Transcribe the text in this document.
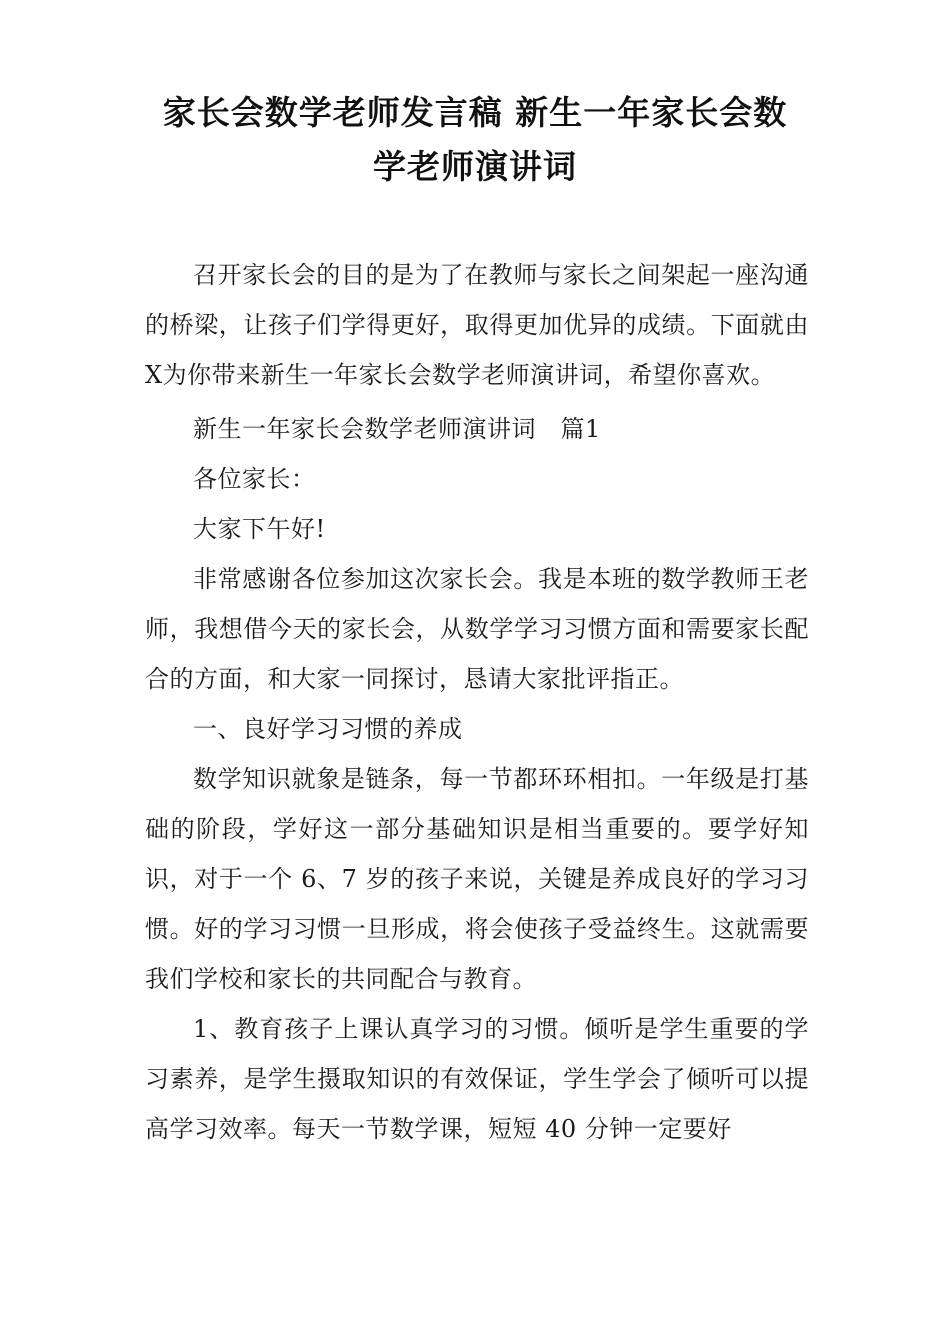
家长会数学老师发言稿 新生一年家长会数
学老师演讲词

召开家长会的目的是为了在教师与家长之间架起一座沟通的桥梁，让孩子们学得更好，取得更加优异的成绩。下面就由X为你带来新生一年家长会数学老师演讲词，希望你喜欢。

新生一年家长会数学老师演讲词　篇1

各位家长：

大家下午好!

非常感谢各位参加这次家长会。我是本班的数学教师王老师，我想借今天的家长会，从数学学习习惯方面和需要家长配合的方面，和大家一同探讨，恳请大家批评指正。

一、良好学习习惯的养成

数学知识就象是链条，每一节都环环相扣。一年级是打基础的阶段，学好这一部分基础知识是相当重要的。要学好知识，对于一个 6、7 岁的孩子来说，关键是养成良好的学习习惯。好的学习习惯一旦形成，将会使孩子受益终生。这就需要我们学校和家长的共同配合与教育。

1、教育孩子上课认真学习的习惯。倾听是学生重要的学习素养，是学生摄取知识的有效保证，学生学会了倾听可以提高学习效率。每天一节数学课，短短 40 分钟一定要好
